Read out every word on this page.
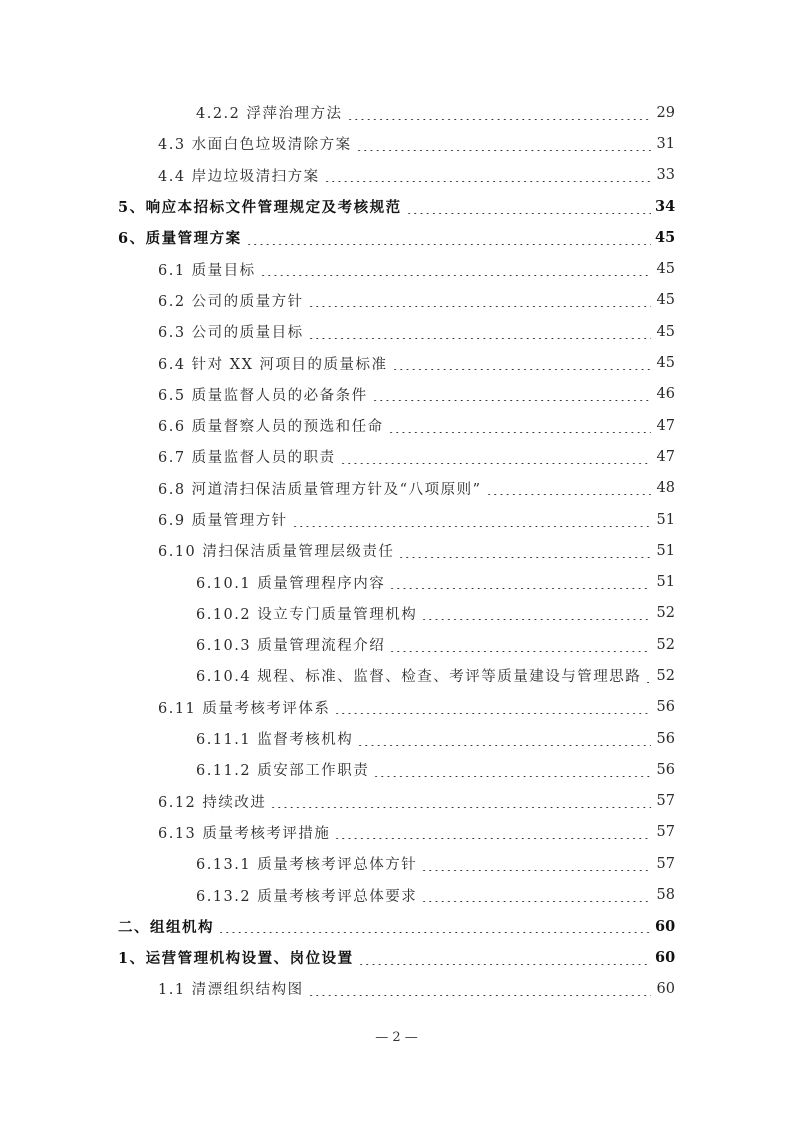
4.2.2 浮萍治理方法	29
4.3 水面白色垃圾清除方案	31
4.4 岸边垃圾清扫方案	33
5、响应本招标文件管理规定及考核规范	34
6、质量管理方案	45
6.1 质量目标	45
6.2 公司的质量方针	45
6.3 公司的质量目标	45
6.4 针对 XX 河项目的质量标准	45
6.5 质量监督人员的必备条件	46
6.6 质量督察人员的预选和任命	47
6.7 质量监督人员的职责	47
6.8 河道清扫保洁质量管理方针及“八项原则”	48
6.9 质量管理方针	51
6.10 清扫保洁质量管理层级责任	51
6.10.1 质量管理程序内容	51
6.10.2 设立专门质量管理机构	52
6.10.3 质量管理流程介绍	52
6.10.4 规程、标准、监督、检查、考评等质量建设与管理思路 52
6.11 质量考核考评体系	56
6.11.1 监督考核机构	56
6.11.2 质安部工作职责	56
6.12 持续改进	57
6.13 质量考核考评措施	57
6.13.1 质量考核考评总体方针	57
6.13.2 质量考核考评总体要求	58
二、组组机构	60
1、运营管理机构设置、岗位设置	60
1.1 清漂组织结构图	60
— 2 —
